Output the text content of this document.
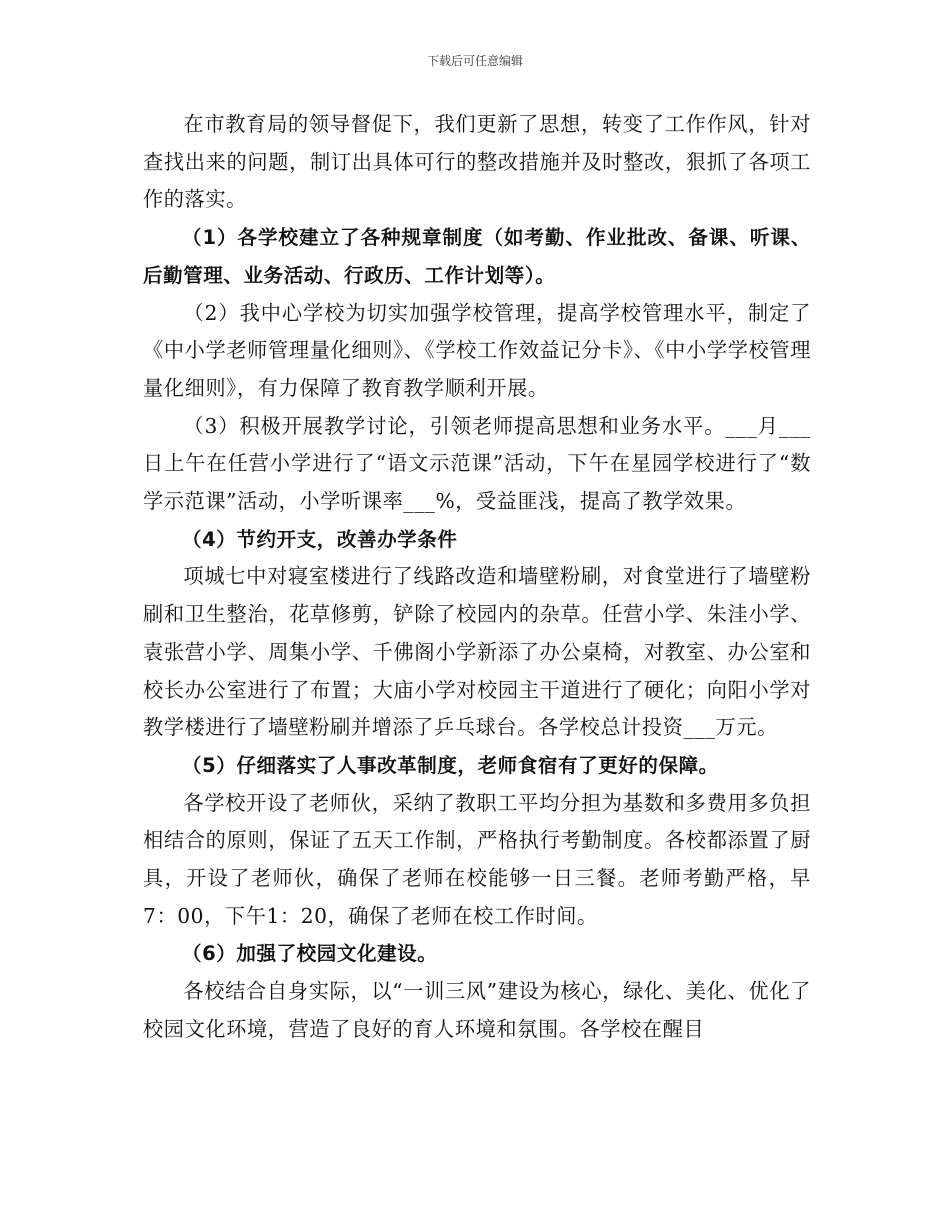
下载后可任意编辑

在市教育局的领导督促下，我们更新了思想，转变了工作作风，针对查找出来的问题，制订出具体可行的整改措施并及时整改，狠抓了各项工作的落实。

（1）各学校建立了各种规章制度（如考勤、作业批改、备课、听课、后勤管理、业务活动、行政历、工作计划等）。

（2）我中心学校为切实加强学校管理，提高学校管理水平，制定了《中小学老师管理量化细则》、《学校工作效益记分卡》、《中小学学校管理量化细则》，有力保障了教育教学顺利开展。

（3）积极开展教学讨论，引领老师提高思想和业务水平。___月___日上午在任营小学进行了“语文示范课”活动，下午在星园学校进行了“数学示范课”活动，小学听课率___%，受益匪浅，提高了教学效果。

（4）节约开支，改善办学条件

项城七中对寝室楼进行了线路改造和墙壁粉刷，对食堂进行了墙壁粉刷和卫生整治，花草修剪，铲除了校园内的杂草。任营小学、朱洼小学、袁张营小学、周集小学、千佛阁小学新添了办公桌椅，对教室、办公室和校长办公室进行了布置；大庙小学对校园主干道进行了硬化；向阳小学对教学楼进行了墙壁粉刷并增添了乒乓球台。各学校总计投资___万元。

（5）仔细落实了人事改革制度，老师食宿有了更好的保障。

各学校开设了老师伙，采纳了教职工平均分担为基数和多费用多负担相结合的原则，保证了五天工作制，严格执行考勤制度。各校都添置了厨具，开设了老师伙，确保了老师在校能够一日三餐。老师考勤严格，早7：00，下午1：20，确保了老师在校工作时间。

（6）加强了校园文化建设。

各校结合自身实际，以“一训三风”建设为核心，绿化、美化、优化了校园文化环境，营造了良好的育人环境和氛围。各学校在醒目
